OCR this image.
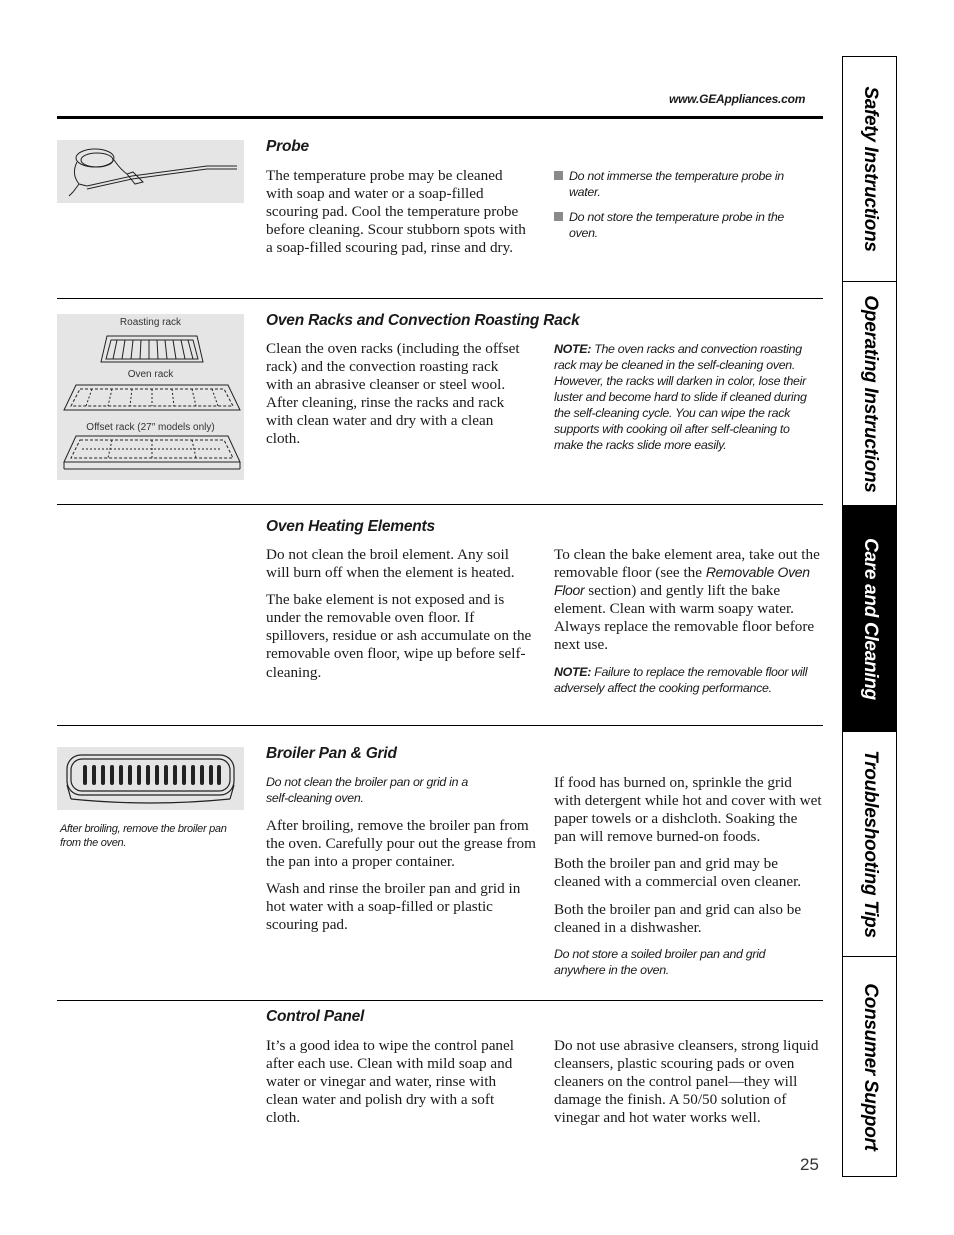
www.GEAppliances.com
Probe

The temperature probe may be cleaned with soap and water or a soap-filled scouring pad. Cool the temperature probe before cleaning. Scour stubborn spots with a soap-filled scouring pad, rinse and dry.

Do not immerse the temperature probe in water.
Do not store the temperature probe in the oven.
Roasting rack
Oven rack
Offset rack (27″ models only)
Oven Racks and Convection Roasting Rack

Clean the oven racks (including the offset rack) and the convection roasting rack with an abrasive cleanser or steel wool. After cleaning, rinse the racks and rack with clean water and dry with a clean cloth.

NOTE: The oven racks and convection roasting rack may be cleaned in the self-cleaning oven. However, the racks will darken in color, lose their luster and become hard to slide if cleaned during the self-cleaning cycle. You can wipe the rack supports with cooking oil after self-cleaning to make the racks slide more easily.
Oven Heating Elements

Do not clean the broil element. Any soil will burn off when the element is heated.

The bake element is not exposed and is under the removable oven floor. If spillovers, residue or ash accumulate on the removable oven floor, wipe up before self-cleaning.

To clean the bake element area, take out the removable floor (see the Removable Oven Floor section) and gently lift the bake element. Clean with warm soapy water. Always replace the removable floor before next use.

NOTE: Failure to replace the removable floor will adversely affect the cooking performance.
After broiling, remove the broiler pan from the oven.
Broiler Pan & Grid

Do not clean the broiler pan or grid in a self-cleaning oven.

After broiling, remove the broiler pan from the oven. Carefully pour out the grease from the pan into a proper container.

Wash and rinse the broiler pan and grid in hot water with a soap-filled or plastic scouring pad.

If food has burned on, sprinkle the grid with detergent while hot and cover with wet paper towels or a dishcloth. Soaking the pan will remove burned-on foods.

Both the broiler pan and grid may be cleaned with a commercial oven cleaner.

Both the broiler pan and grid can also be cleaned in a dishwasher.

Do not store a soiled broiler pan and grid anywhere in the oven.

Control Panel

It’s a good idea to wipe the control panel after each use. Clean with mild soap and water or vinegar and water, rinse with clean water and polish dry with a soft cloth.

Do not use abrasive cleansers, strong liquid cleansers, plastic scouring pads or oven cleaners on the control panel—they will damage the finish. A 50/50 solution of vinegar and hot water works well.

25
Safety Instructions
Operating Instructions
Care and Cleaning
Troubleshooting Tips
Consumer Support
